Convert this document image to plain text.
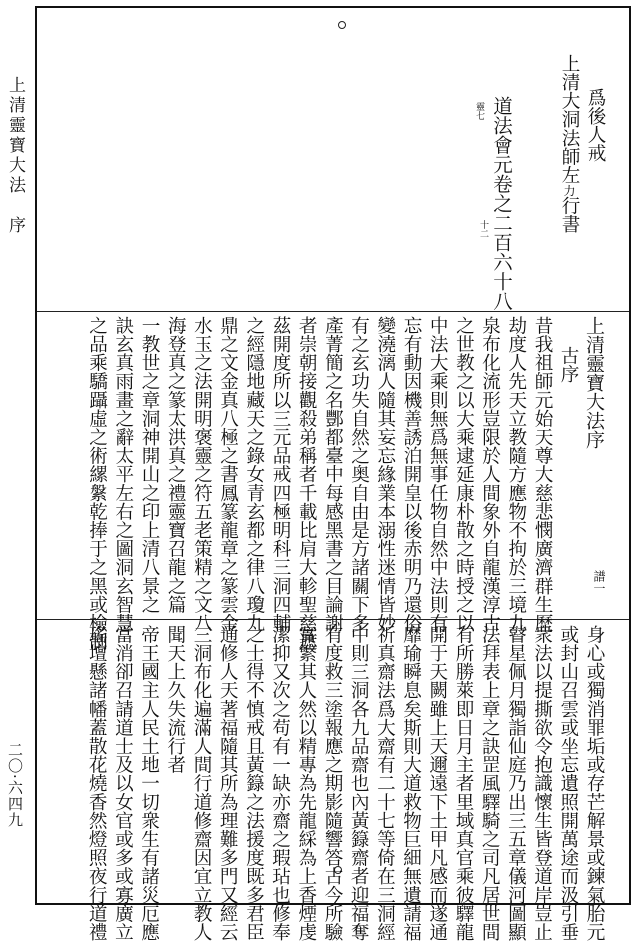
上清靈寶大法　序
二〇·六四九
爲後人戒
上清大洞法師左力行書
道法會元卷之二百六十八
靈七
十二
上清靈寶大法序
譜一
古序
昔我祖師元始天尊大慈悲憫廣濟群生歷
劫度人先天立教隨方應物不拘於三境九
泉布化流形豈限於人間象外自龍漢淳古
之世教之以大乘逮延康朴散之時授之以
中法大乘則無爲無事任物自然中法則有
忘有動因機善誘泊開皇以後赤明乃還俗
變澆漓人隨其妄忘緣業本溺性迷情皆妙
有之玄功失自然之奥自由是方諸關下多
產菁簡之名酆都臺中每感黑書之目論謝
者崇朝接觀殺弟稱者千載比肩大軫聖慈遮
茲開度所以三元品戒四極明科三洞四輔
之經隱地藏天之錄女青玄都之律八瓊九
鼎之文金真八極之書鳳篆龍章之篆雲金
水玉之法開明褒靈之符五老策精之文八
海登真之篆太洪真之禮靈寶召龍之篇
一教世之章洞神開山之印上清八景之
訣玄真雨畫之辭太平左右之圖洞玄智慧
之品乘驕躡虛之術縲縏乾捧于之黑或檢制
身心或獨消罪垢或存芒解景或鍊氣胎元
或封山召雲或坐忘遺照開萬途而汲引垂
衆法以提撕欲令抱識懷生皆登道岸豈止
瞽星佩月獨詣仙庭乃出三五章儀河圖顯
法拜表上章之訣罡風驛騎之司凡居世間
有所勝萊即日月主者里域真官乘彼驛龍
開于天闕雖上天邇遠下土甲凡感而遂通
靡瑜瞬息矣斯則大道救物巨細無遺請福
祈真齋法爲大齋有二十七等倚在三洞經
中則三洞各九品齋也內黃籙齋者迎福奪
有度救三塗報應之期影隨響答古今所驗
實繁其人然以精專為先龍綵為上香煙虔
潔抑又次之苟有一缺亦齋之瑕玷也修奉
之士得不慎戒且黃籙之法援度既多君臣
通修人天著福隨其所為理難多門又經云
三洞布化遍滿人間行道修齋因宜立教人
聞天上久失流行者
帝王國主人民土地一切衆生有諸災厄應
當消卻召請道士及以女官或多或寡廣立
瑤壇懸諸幡蓋散花燒香然燈照夜行道禮
